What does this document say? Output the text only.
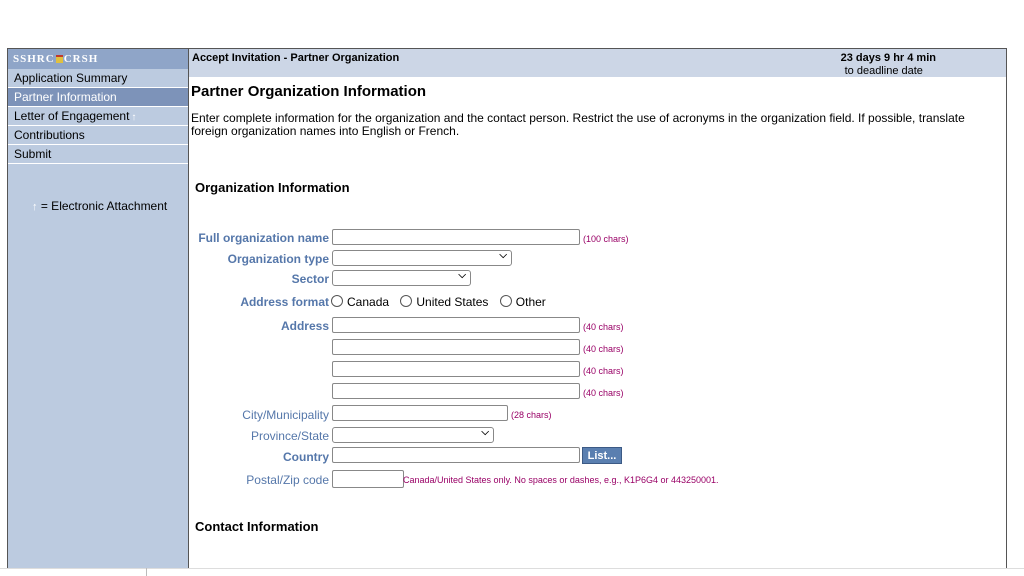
SSHRC CRSH
Application Summary
Partner Information
Letter of Engagement ↑
Contributions
Submit
↑ = Electronic Attachment
Accept Invitation - Partner Organization	23 days 9 hr 4 min
to deadline date
Partner Organization Information
Enter complete information for the organization and the contact person. Restrict the use of acronyms in the organization field. If possible, translate foreign organization names into English or French.
Organization Information
Full organization name	(100 chars)
Organization type	⌵
Sector	⌵
Address format	Canada United States Other
Address	(40 chars)
(40 chars)
(40 chars)
(40 chars)
City/Municipality	(28 chars)
Province/State	⌵
Country	List...
Postal/Zip code	Canada/United States only. No spaces or dashes, e.g., K1P6G4 or 443250001.
Contact Information
